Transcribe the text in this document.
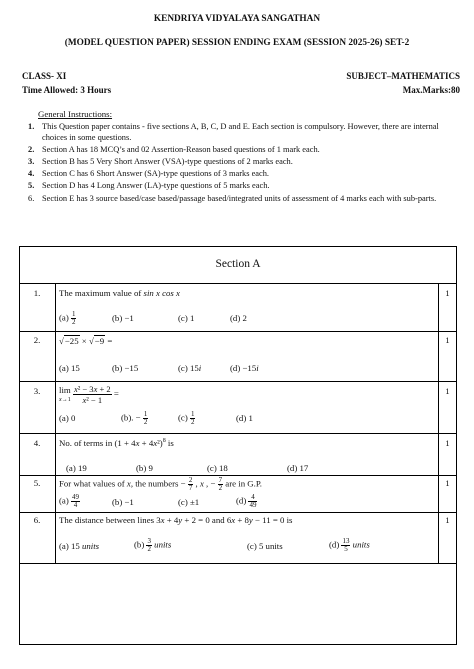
KENDRIYA VIDYALAYA SANGATHAN
(MODEL QUESTION PAPER) SESSION ENDING EXAM (SESSION 2025-26) SET-2
CLASS- XI	SUBJECT–MATHEMATICS
Time Allowed: 3 Hours	Max.Marks:80
General Instructions:
1. This Question paper contains - five sections A, B, C, D and E. Each section is compulsory. However, there are internal choices in some questions.
2. Section A has 18 MCQ’s and 02 Assertion-Reason based questions of 1 mark each.
3. Section B has 5 Very Short Answer (VSA)-type questions of 2 marks each.
4. Section C has 6 Short Answer (SA)-type questions of 3 marks each.
5. Section D has 4 Long Answer (LA)-type questions of 5 marks each.
6. Section E has 3 source based/case based/passage based/integrated units of assessment of 4 marks each with sub-parts.
Section A
1.	1
The maximum value of sin x cos x
$(a) \frac{1}{2}$	(b) −1	(c) 1	(d) 2
2.	1
√−25 × √−9 =
(a) 15	(b) −15	(c) 15i	(d) −15i
3.	1
lim
$x\to 1 \frac{\text{x² − 3x + 2}}{\text{x² − 1}}$ =
(a) 0	(b). − $\frac{1}{2}$	$(c) \frac{1}{2}$	(d) 1
4.	1
No. of terms in $(1 + 4x + 4x^2)^8$ is
(a) 19	(b) 9	(c) 18	(d) 17
5.	1
For what values of x, the numbers − $\frac{2}{7}$ , x , − $\frac{7}{2}$ are in G.P.
$(a) \frac{49}{4}$	(b) −1	(c) ±1	$(d) \frac{4}{49}$
6.	1
The distance between lines 3x + 4y + 2 = 0 and 6x + 8y − 11 = 0 is
(a) 15 units	$(b) \frac{3}{2}$ units	(c) 5 units	$(d) \frac{13}{5}$ units
